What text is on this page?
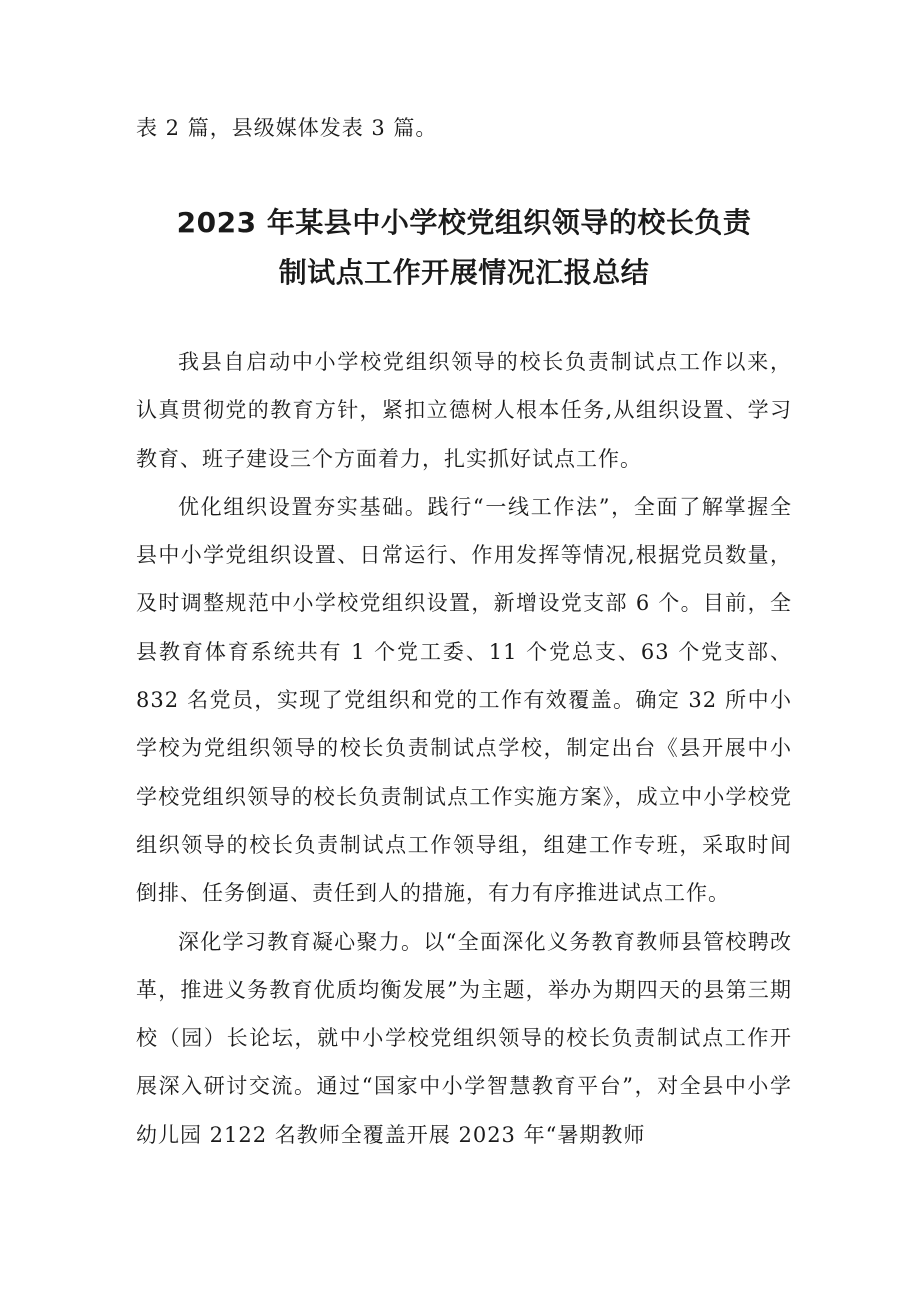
表 2 篇，县级媒体发表 3 篇。

2023 年某县中小学校党组织领导的校长负责
制试点工作开展情况汇报总结

我县自启动中小学校党组织领导的校长负责制试点工作以来，认真贯彻党的教育方针，紧扣立德树人根本任务,从组织设置、学习教育、班子建设三个方面着力，扎实抓好试点工作。

优化组织设置夯实基础。践行“一线工作法”，全面了解掌握全县中小学党组织设置、日常运行、作用发挥等情况,根据党员数量，及时调整规范中小学校党组织设置，新增设党支部 6 个。目前，全县教育体育系统共有 1 个党工委、11 个党总支、63 个党支部、832 名党员，实现了党组织和党的工作有效覆盖。确定 32 所中小学校为党组织领导的校长负责制试点学校，制定出台《县开展中小学校党组织领导的校长负责制试点工作实施方案》，成立中小学校党组织领导的校长负责制试点工作领导组，组建工作专班，采取时间倒排、任务倒逼、责任到人的措施，有力有序推进试点工作。

深化学习教育凝心聚力。以“全面深化义务教育教师县管校聘改革，推进义务教育优质均衡发展”为主题，举办为期四天的县第三期校（园）长论坛，就中小学校党组织领导的校长负责制试点工作开展深入研讨交流。通过“国家中小学智慧教育平台”，对全县中小学幼儿园 2122 名教师全覆盖开展 2023 年“暑期教师
